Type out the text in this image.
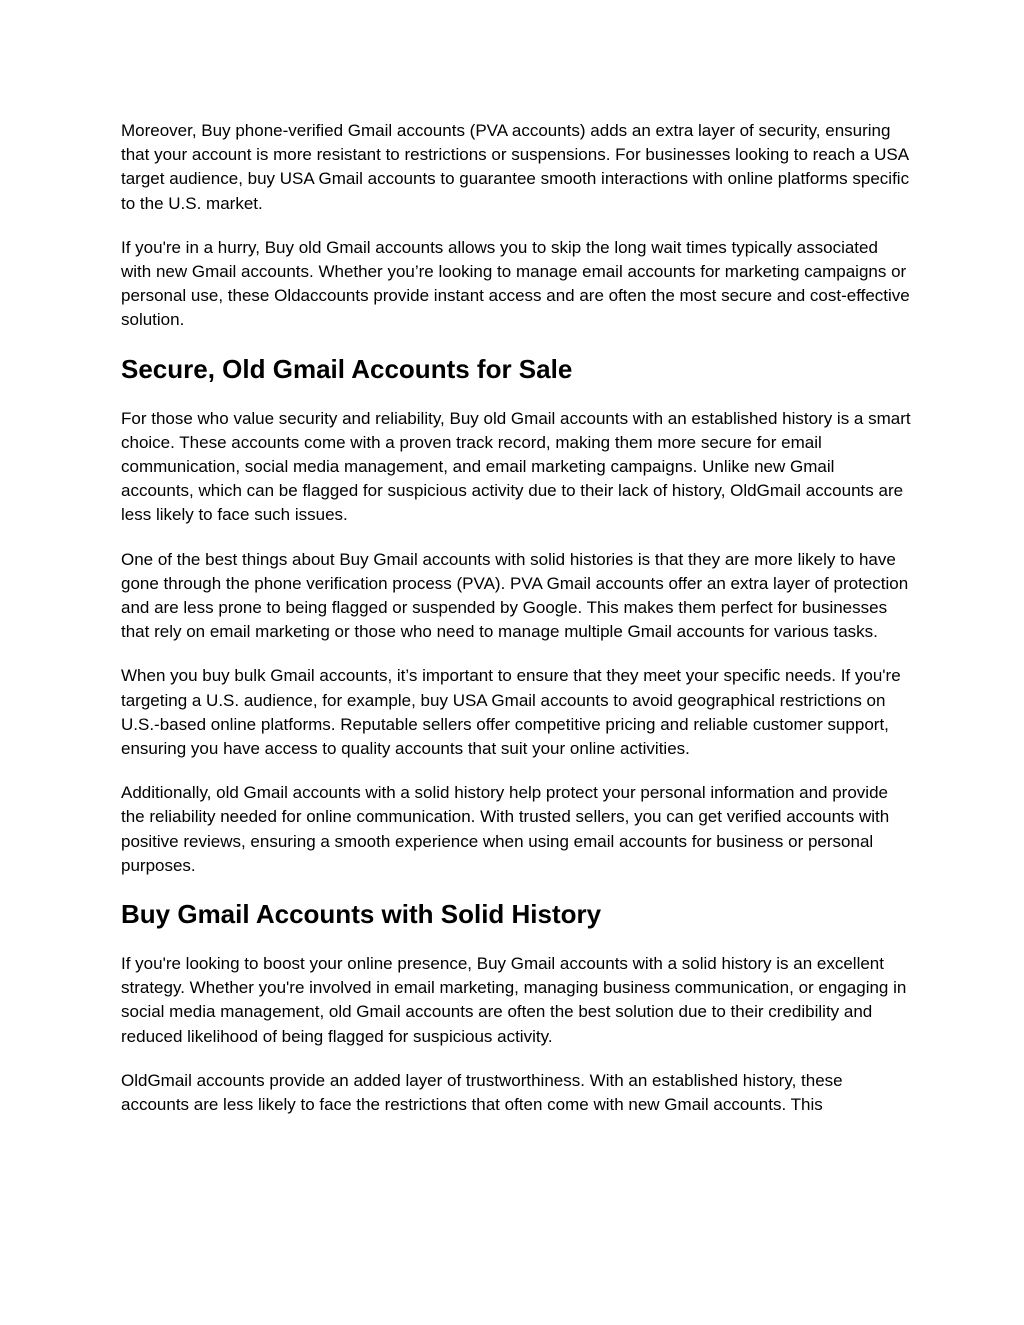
Moreover, Buy phone-verified Gmail accounts (PVA accounts) adds an extra layer of security, ensuring that your account is more resistant to restrictions or suspensions. For businesses looking to reach a USA target audience, buy USA Gmail accounts to guarantee smooth interactions with online platforms specific to the U.S. market.

If you're in a hurry, Buy old Gmail accounts allows you to skip the long wait times typically associated with new Gmail accounts. Whether you’re looking to manage email accounts for marketing campaigns or personal use, these Oldaccounts provide instant access and are often the most secure and cost-effective solution.

Secure, Old Gmail Accounts for Sale

For those who value security and reliability, Buy old Gmail accounts with an established history is a smart choice. These accounts come with a proven track record, making them more secure for email communication, social media management, and email marketing campaigns. Unlike new Gmail accounts, which can be flagged for suspicious activity due to their lack of history, OldGmail accounts are less likely to face such issues.

One of the best things about Buy Gmail accounts with solid histories is that they are more likely to have gone through the phone verification process (PVA). PVA Gmail accounts offer an extra layer of protection and are less prone to being flagged or suspended by Google. This makes them perfect for businesses that rely on email marketing or those who need to manage multiple Gmail accounts for various tasks.

When you buy bulk Gmail accounts, it’s important to ensure that they meet your specific needs. If you're targeting a U.S. audience, for example, buy USA Gmail accounts to avoid geographical restrictions on U.S.-based online platforms. Reputable sellers offer competitive pricing and reliable customer support, ensuring you have access to quality accounts that suit your online activities.

Additionally, old Gmail accounts with a solid history help protect your personal information and provide the reliability needed for online communication. With trusted sellers, you can get verified accounts with positive reviews, ensuring a smooth experience when using email accounts for business or personal purposes.

Buy Gmail Accounts with Solid History

If you're looking to boost your online presence, Buy Gmail accounts with a solid history is an excellent strategy. Whether you're involved in email marketing, managing business communication, or engaging in social media management, old Gmail accounts are often the best solution due to their credibility and reduced likelihood of being flagged for suspicious activity.

OldGmail accounts provide an added layer of trustworthiness. With an established history, these accounts are less likely to face the restrictions that often come with new Gmail accounts. This
